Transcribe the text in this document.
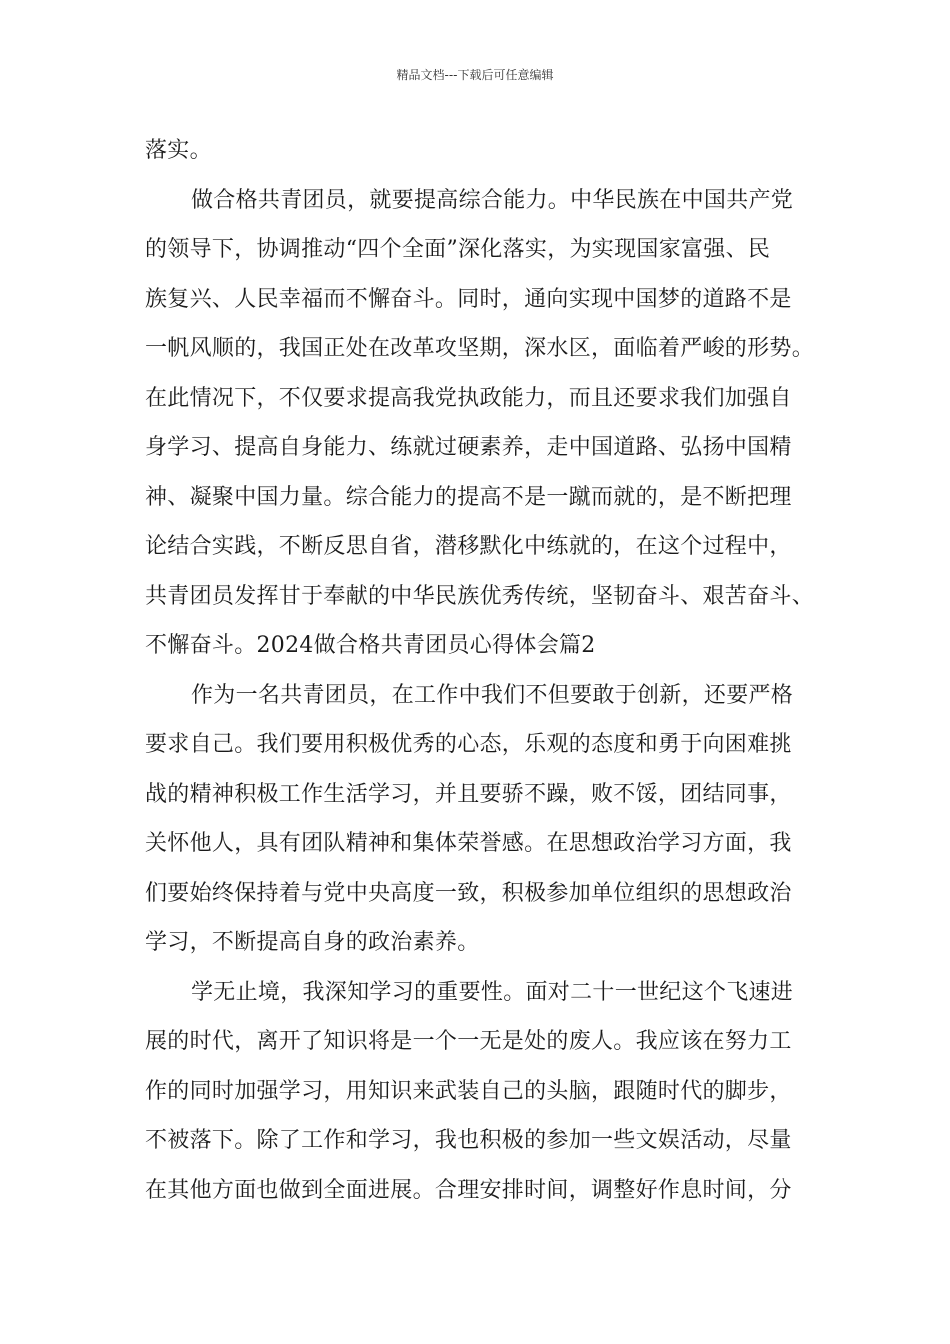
精品文档---下载后可任意编辑
落实。
做合格共青团员，就要提高综合能力。中华民族在中国共产党
的领导下，协调推动“四个全面”深化落实，为实现国家富强、民
族复兴、人民幸福而不懈奋斗。同时，通向实现中国梦的道路不是
一帆风顺的，我国正处在改革攻坚期，深水区，面临着严峻的形势。
在此情况下，不仅要求提高我党执政能力，而且还要求我们加强自
身学习、提高自身能力、练就过硬素养，走中国道路、弘扬中国精
神、凝聚中国力量。综合能力的提高不是一蹴而就的，是不断把理
论结合实践，不断反思自省，潜移默化中练就的，在这个过程中，
共青团员发挥甘于奉献的中华民族优秀传统，坚韧奋斗、艰苦奋斗、
不懈奋斗。2024做合格共青团员心得体会篇2
作为一名共青团员，在工作中我们不但要敢于创新，还要严格
要求自己。我们要用积极优秀的心态，乐观的态度和勇于向困难挑
战的精神积极工作生活学习，并且要骄不躁，败不馁，团结同事，
关怀他人，具有团队精神和集体荣誉感。在思想政治学习方面，我
们要始终保持着与党中央高度一致，积极参加单位组织的思想政治
学习，不断提高自身的政治素养。
学无止境，我深知学习的重要性。面对二十一世纪这个飞速进
展的时代，离开了知识将是一个一无是处的废人。我应该在努力工
作的同时加强学习，用知识来武装自己的头脑，跟随时代的脚步，
不被落下。除了工作和学习，我也积极的参加一些文娱活动，尽量
在其他方面也做到全面进展。合理安排时间，调整好作息时间，分
